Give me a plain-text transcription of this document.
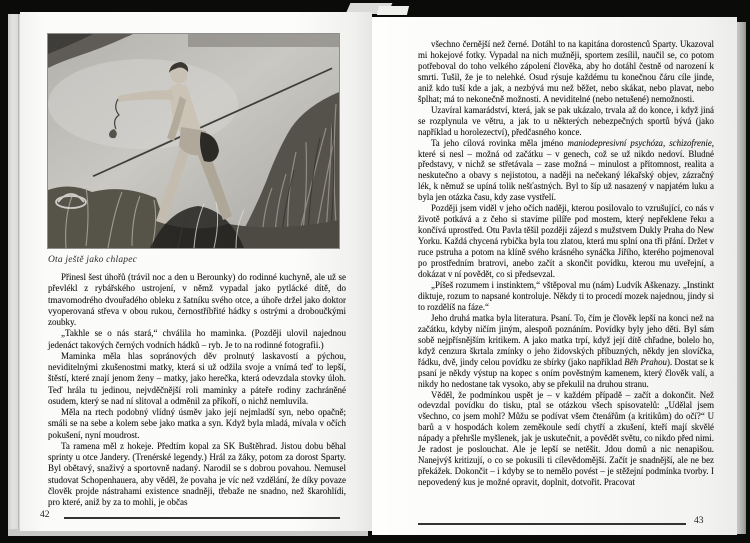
Ota ještě jako chlapec

Přinesl šest úhořů (trávil noc a den u Berounky) do rodinné kuchyně, ale už se převlékl z rybářského ustrojení, v němž vypadal jako pytlácké dítě, do tmavomodrého dvouřadého obleku z šatníku svého otce, a úhoře držel jako doktor vyoperovaná střeva v obou rukou, černostříbřité hádky s ostrými a droboučkými zoubky.

„Takhle se o nás stará,“ chválila ho maminka. (Později ulovil najednou jedenáct takových černých vodních hádků – ryb. Je to na rodinné fotografii.)

Maminka měla hlas sopránových děv prolnutý laskavostí a pýchou, neviditelnými zkušenostmi matky, která si už odžila svoje a vnímá teď to lepší, štěstí, které znají jenom ženy – matky, jako herečka, která odevzdala stovky úloh. Teď hrála tu jedinou, nejvděčnější roli maminky a páteře rodiny zachráněné osudem, který se nad ní slitoval a odměnil za příkoří, o nichž nemluvila.

Měla na rtech podobný vlídný úsměv jako její nejmladší syn, nebo opačně; smáli se na sebe a kolem sebe jako matka a syn. Když byla mladá, mívala v očích pokušení, nyní moudrost.

Ta ramena měl z hokeje. Předtím kopal za SK Buštěhrad. Jistou dobu běhal sprinty u otce Jandery. (Trenérské legendy.) Hrál za žáky, potom za dorost Sparty. Byl obětavý, snaživý a sportovně nadaný. Narodil se s dobrou povahou. Nemusel studovat Schopenhauera, aby věděl, že povaha je víc než vzdělání, že díky povaze člověk projde nástrahami existence snadněji, třebaže ne snadno, než škarohlídi, pro které, aniž by za to mohli, je občas

42

všechno černější než černé. Dotáhl to na kapitána dorostenců Sparty. Ukazoval mi hokejové fotky. Vypadal na nich mužněji, sportem zesílil, naučil se, co potom potřeboval do toho velkého zápolení člověka, aby ho dotáhl čestně od narození k smrti. Tušil, že je to nelehké. Osud rýsuje každému tu konečnou čáru cíle jinde, aniž kdo tuší kde a jak, a nezbývá mu než běžet, nebo skákat, nebo plavat, nebo šplhat; má to nekonečně možnosti. A neviditelné (nebo netušené) nemožnosti.

Uzavíral kamarádství, která, jak se pak ukázalo, trvala až do konce, i když jiná se rozplynula ve větru, a jak to u některých nebezpečných sportů bývá (jako například u horolezectví), předčasného konce.

Ta jeho cílová rovinka měla jméno maniodepresivní psychóza, schizofrenie, které si nesl – možná od začátku – v genech, což se už nikdo nedoví. Bludné představy, v nichž se střetávala – zase možná – minulost a přítomnost, realita a neskutečno a obavy s nejistotou, a naději na nečekaný lékařský objev, zázračný lék, k němuž se upíná tolik nešťastných. Byl to šíp už nasazený v napjatém luku a byla jen otázka času, kdy zase vystřelí.

Později jsem viděl v jeho očích naději, kterou posilovalo to vzrušující, co nás v životě potkává a z čeho si stavíme pilíře pod mostem, který nepřeklene řeku a končívá uprostřed. Otu Pavla těšil později zájezd s mužstvem Dukly Praha do New Yorku. Každá chycená rybička byla tou zlatou, která mu splní ona tři přání. Držet v ruce pstruha a potom na klíně svého krásného synáčka Jiřího, kterého pojmenoval po prostředním bratrovi, anebo začít a skončit povídku, kterou mu uveřejní, a dokázat v ní povědět, co si předsevzal.

„Píšeš rozumem i instinktem,“ vštěpoval mu (nám) Ludvík Aškenazy. „Instinkt diktuje, rozum to napsané kontroluje. Někdy ti to procedí mozek najednou, jindy si to rozdělíš na fáze.“

Jeho druhá matka byla literatura. Psaní. To, čím je člověk lepší na konci než na začátku, kdyby ničím jiným, alespoň poznáním. Povídky byly jeho děti. Byl sám sobě nejpřísnějším kritikem. A jako matka trpí, když její dítě chřadne, bolelo ho, když cenzura škrtala zmínky o jeho židovských příbuzných, někdy jen slovíčka, řádku, dvě, jindy celou povídku ze sbírky (jako například Běh Prahou). Dostat se k psaní je někdy výstup na kopec s oním pověstným kamenem, který člověk valí, a nikdy ho nedostane tak vysoko, aby se překulil na druhou stranu.

Věděl, že podmínkou uspět je – v každém případě – začít a dokončit. Než odevzdal povídku do tisku, ptal se otázkou všech spisovatelů: „Udělal jsem všechno, co jsem mohl? Můžu se podívat všem čtenářům (a kritikům) do očí?“ U barů a v hospodách kolem zeměkoule sedí chytří a zkušení, kteří mají skvělé nápady a přehršle myšlenek, jak je uskutečnit, a povědět světu, co nikdo před nimi. Je radost je poslouchat. Ale je lepší se netěšit. Jdou domů a nic nenapišou. Nanejvýš kritizují, o co se pokusili ti cílevědomější. Začít je snadnější, ale ne bez překážek. Dokončit – i kdyby se to nemělo povést – je stěžejní podmínka tvorby. I nepovedený kus je možné opravit, doplnit, dotvořit. Pracovat

43
